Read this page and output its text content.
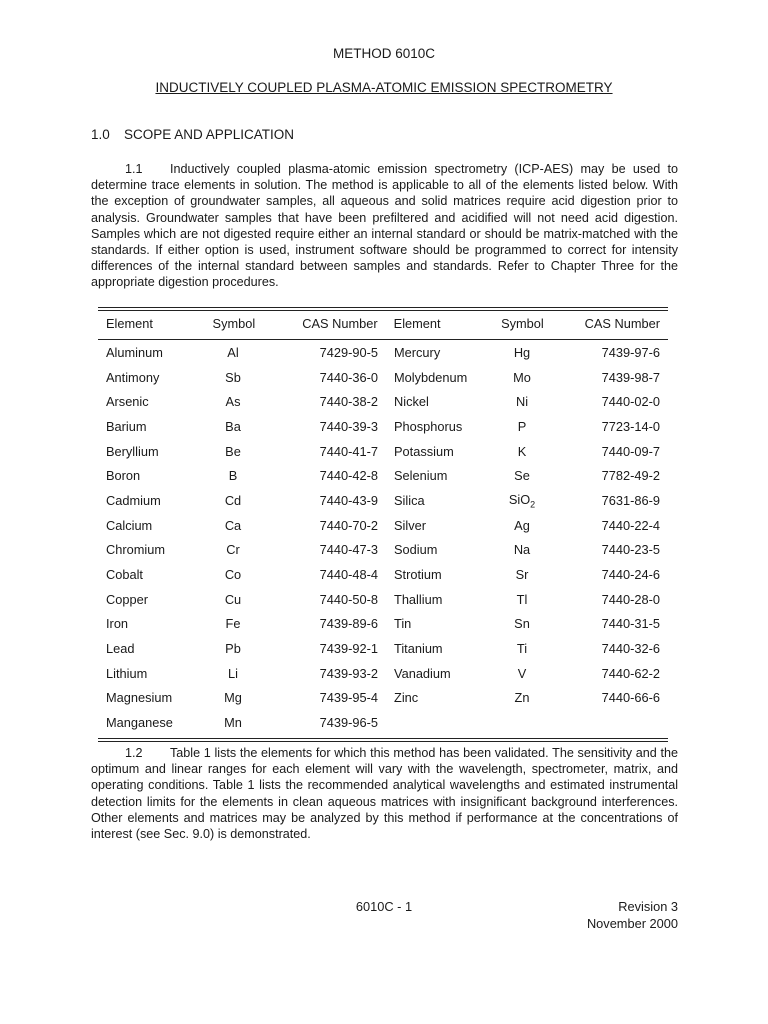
METHOD 6010C
INDUCTIVELY COUPLED PLASMA-ATOMIC EMISSION SPECTROMETRY
1.0 SCOPE AND APPLICATION

1.1 Inductively coupled plasma-atomic emission spectrometry (ICP-AES) may be used to determine trace elements in solution. The method is applicable to all of the elements listed below. With the exception of groundwater samples, all aqueous and solid matrices require acid digestion prior to analysis. Groundwater samples that have been prefiltered and acidified will not need acid digestion. Samples which are not digested require either an internal standard or should be matrix-matched with the standards. If either option is used, instrument software should be programmed to correct for intensity differences of the internal standard between samples and standards. Refer to Chapter Three for the appropriate digestion procedures.

Element	Symbol	CAS Number	Element	Symbol	CAS Number
Aluminum	Al	7429-90-5	Mercury	Hg	7439-97-6
Antimony	Sb	7440-36-0	Molybdenum	Mo	7439-98-7
Arsenic	As	7440-38-2	Nickel	Ni	7440-02-0
Barium	Ba	7440-39-3	Phosphorus	P	7723-14-0
Beryllium	Be	7440-41-7	Potassium	K	7440-09-7
Boron	B	7440-42-8	Selenium	Se	7782-49-2
Cadmium	Cd	7440-43-9	Silica	SiO$_2$	7631-86-9
Calcium	Ca	7440-70-2	Silver	Ag	7440-22-4
Chromium	Cr	7440-47-3	Sodium	Na	7440-23-5
Cobalt	Co	7440-48-4	Strotium	Sr	7440-24-6
Copper	Cu	7440-50-8	Thallium	Tl	7440-28-0
Iron	Fe	7439-89-6	Tin	Sn	7440-31-5
Lead	Pb	7439-92-1	Titanium	Ti	7440-32-6
Lithium	Li	7439-93-2	Vanadium	V	7440-62-2
Magnesium	Mg	7439-95-4	Zinc	Zn	7440-66-6
Manganese	Mn	7439-96-5			

1.2 Table 1 lists the elements for which this method has been validated. The sensitivity and the optimum and linear ranges for each element will vary with the wavelength, spectrometer, matrix, and operating conditions. Table 1 lists the recommended analytical wavelengths and estimated instrumental detection limits for the elements in clean aqueous matrices with insignificant background interferences. Other elements and matrices may be analyzed by this method if performance at the concentrations of interest (see Sec. 9.0) is demonstrated.

6010C - 1	Revision 3
November 2000
